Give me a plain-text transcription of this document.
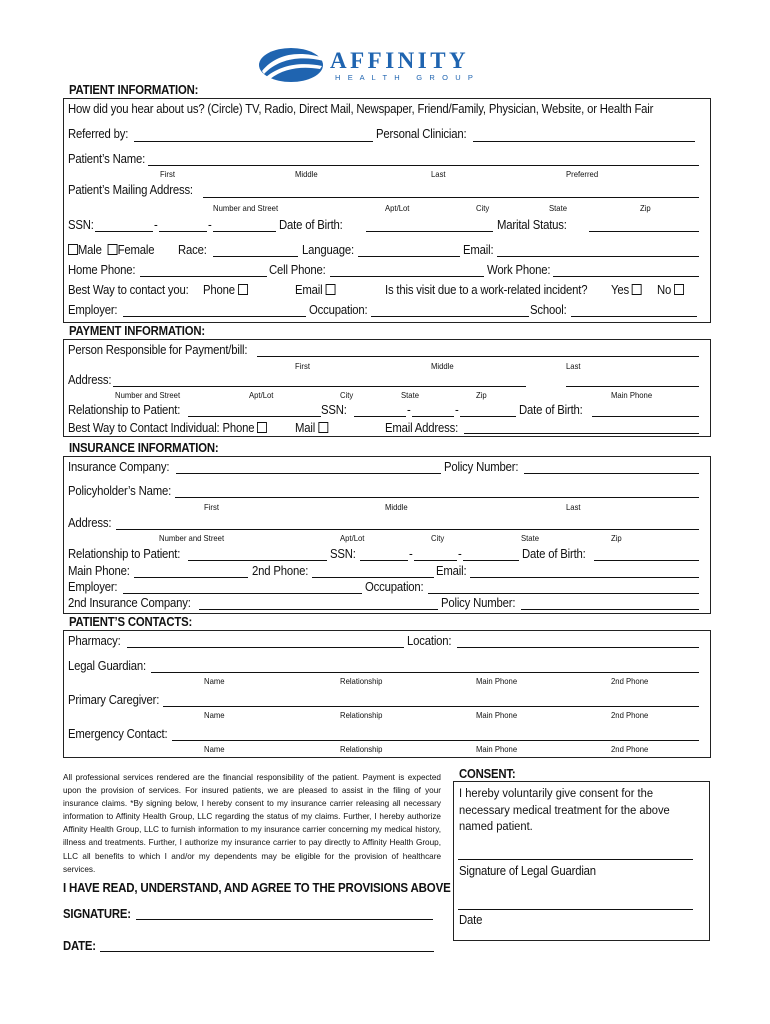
AFFINITY
H E A L T H   G R O U P
PATIENT INFORMATION:
How did you hear about us? (Circle) TV, Radio, Direct Mail, Newspaper, Friend/Family, Physician, Website, or Health Fair
Referred by:	Personal Clinician:
Patient’s Name:
First	Middle	Last	Preferred
Patient’s Mailing Address:
Number and Street	Apt/Lot	City	State	Zip
SSN:	-	-	Date of Birth:	Marital Status:
Male Female Race:	Language:	Email:
Home Phone:	Cell Phone:	Work Phone:
Best Way to contact you: Phone	Email	Is this visit due to a work-related incident? Yes	No
Employer:	Occupation:	School:
PAYMENT INFORMATION:
Person Responsible for Payment/bill:
First	Middle	Last
Address:
Number and Street	Apt/Lot	City	State	Zip	Main Phone
Relationship to Patient:	SSN:	-	-	Date of Birth:
Best Way to Contact Individual: Phone	Mail	Email Address:
INSURANCE INFORMATION:
Insurance Company:	Policy Number:
Policyholder’s Name:
First	Middle	Last
Address:
Number and Street	Apt/Lot	City	State	Zip
Relationship to Patient:	SSN:	-	-	Date of Birth:
Main Phone:	2nd Phone:	Email:
Employer:	Occupation:
2nd Insurance Company:	Policy Number:
PATIENT’S CONTACTS:
Pharmacy:	Location:
Legal Guardian:
Name	Relationship	Main Phone	2nd Phone
Primary Caregiver:
Name	Relationship	Main Phone	2nd Phone
Emergency Contact:
Name	Relationship	Main Phone	2nd Phone
All professional services rendered are the financial responsibility of the patient. Payment is expected upon the provision of services. For insured patients, we are pleased to assist in the filing of your insurance claims. *By signing below, I hereby consent to my insurance carrier releasing all necessary information to Affinity Health Group, LLC regarding the status of my claims. Further, I hereby authorize Affinity Health Group, LLC to furnish information to my insurance carrier concerning my medical history, illness and treatments. Further, I authorize my insurance carrier to pay directly to Affinity Health Group, LLC all benefits to which I and/or my dependents may be eligible for the provision of healthcare services.
I HAVE READ, UNDERSTAND, AND AGREE TO THE PROVISIONS ABOVE
SIGNATURE:
DATE:
CONSENT:
I hereby voluntarily give consent for the
necessary medical treatment for the above
named patient.
Signature of Legal Guardian
Date
